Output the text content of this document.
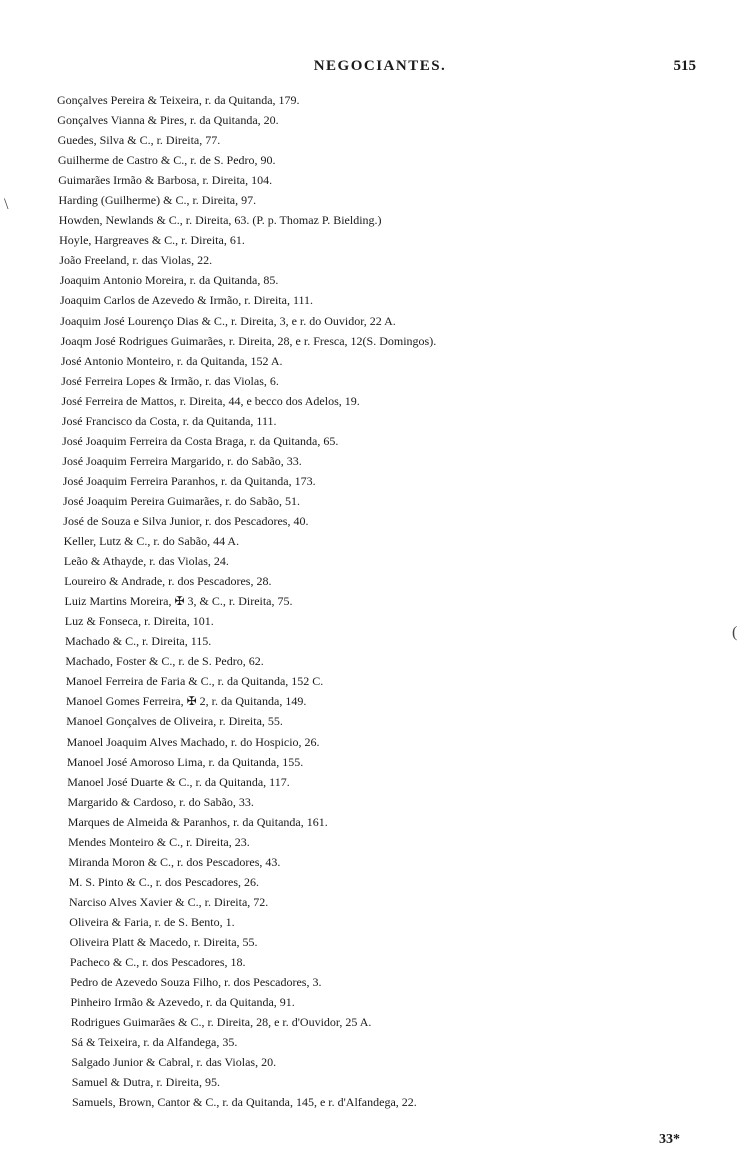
NEGOCIANTES.	515
Gonçalves Pereira & Teixeira, r. da Quitanda, 179.
Gonçalves Vianna & Pires, r. da Quitanda, 20.
Guedes, Silva & C., r. Direita, 77.
Guilherme de Castro & C., r. de S. Pedro, 90.
Guimarães Irmão & Barbosa, r. Direita, 104.
Harding (Guilherme) & C., r. Direita, 97.
Howden, Newlands & C., r. Direita, 63. (P. p. Thomaz P. Bielding.)
Hoyle, Hargreaves & C., r. Direita, 61.
João Freeland, r. das Violas, 22.
Joaquim Antonio Moreira, r. da Quitanda, 85.
Joaquim Carlos de Azevedo & Irmão, r. Direita, 111.
Joaquim José Lourenço Dias & C., r. Direita, 3, e r. do Ouvidor, 22 A.
Joaqm José Rodrigues Guimarães, r. Direita, 28, e r. Fresca, 12(S. Domingos).
José Antonio Monteiro, r. da Quitanda, 152 A.
José Ferreira Lopes & Irmão, r. das Violas, 6.
José Ferreira de Mattos, r. Direita, 44, e becco dos Adelos, 19.
José Francisco da Costa, r. da Quitanda, 111.
José Joaquim Ferreira da Costa Braga, r. da Quitanda, 65.
José Joaquim Ferreira Margarido, r. do Sabão, 33.
José Joaquim Ferreira Paranhos, r. da Quitanda, 173.
José Joaquim Pereira Guimarães, r. do Sabão, 51.
José de Souza e Silva Junior, r. dos Pescadores, 40.
Keller, Lutz & C., r. do Sabão, 44 A.
Leão & Athayde, r. das Violas, 24.
Loureiro & Andrade, r. dos Pescadores, 28.
Luiz Martins Moreira, ✠ 3, & C., r. Direita, 75.
Luz & Fonseca, r. Direita, 101.
Machado & C., r. Direita, 115.
Machado, Foster & C., r. de S. Pedro, 62.
Manoel Ferreira de Faria & C., r. da Quitanda, 152 C.
Manoel Gomes Ferreira, ✠ 2, r. da Quitanda, 149.
Manoel Gonçalves de Oliveira, r. Direita, 55.
Manoel Joaquim Alves Machado, r. do Hospicio, 26.
Manoel José Amoroso Lima, r. da Quitanda, 155.
Manoel José Duarte & C., r. da Quitanda, 117.
Margarido & Cardoso, r. do Sabão, 33.
Marques de Almeida & Paranhos, r. da Quitanda, 161.
Mendes Monteiro & C., r. Direita, 23.
Miranda Moron & C., r. dos Pescadores, 43.
M. S. Pinto & C., r. dos Pescadores, 26.
Narciso Alves Xavier & C., r. Direita, 72.
Oliveira & Faria, r. de S. Bento, 1.
Oliveira Platt & Macedo, r. Direita, 55.
Pacheco & C., r. dos Pescadores, 18.
Pedro de Azevedo Souza Filho, r. dos Pescadores, 3.
Pinheiro Irmão & Azevedo, r. da Quitanda, 91.
Rodrigues Guimarães & C., r. Direita, 28, e r. d'Ouvidor, 25 A.
Sá & Teixeira, r. da Alfandega, 35.
Salgado Junior & Cabral, r. das Violas, 20.
Samuel & Dutra, r. Direita, 95.
Samuels, Brown, Cantor & C., r. da Quitanda, 145, e r. d'Alfandega, 22.
33*
\
(
